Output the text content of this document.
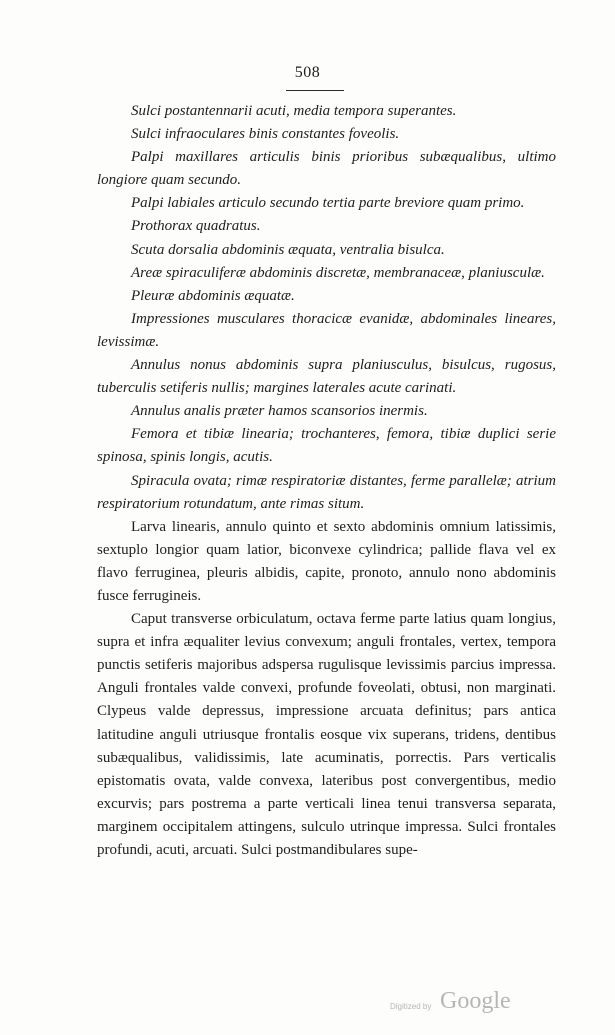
508

Sulci postantennarii acuti, media tempora superantes.

Sulci infraoculares binis constantes foveolis.

Palpi maxillares articulis binis prioribus subæqualibus, ultimo longiore quam secundo.

Palpi labiales articulo secundo tertia parte breviore quam primo.

Prothorax quadratus.

Scuta dorsalia abdominis æquata, ventralia bisulca.

Areæ spiraculiferæ abdominis discretæ, membranaceæ, planiusculæ.

Pleuræ abdominis æquatæ.

Impressiones musculares thoracicæ evanidæ, abdominales lineares, levissimæ.

Annulus nonus abdominis supra planiusculus, bisulcus, rugosus, tuberculis setiferis nullis; margines laterales acute carinati.

Annulus analis præter hamos scansorios inermis.

Femora et tibiæ linearia; trochanteres, femora, tibiæ duplici serie spinosa, spinis longis, acutis.

Spiracula ovata; rimæ respiratoriæ distantes, ferme parallelæ; atrium respiratorium rotundatum, ante rimas situm.

Larva linearis, annulo quinto et sexto abdominis omnium latissimis, sextuplo longior quam latior, biconvexe cylindrica; pallide flava vel ex flavo ferruginea, pleuris albidis, capite, pronoto, annulo nono abdominis fusce ferrugineis.

Caput transverse orbiculatum, octava ferme parte latius quam longius, supra et infra æqualiter levius convexum; anguli frontales, vertex, tempora punctis setiferis majoribus adspersa rugulisque levissimis parcius impressa. Anguli frontales valde convexi, profunde foveolati, obtusi, non marginati. Clypeus valde depressus, impressione arcuata definitus; pars antica latitudine anguli utriusque frontalis eosque vix superans, tridens, dentibus subæqualibus, validissimis, late acuminatis, porrectis. Pars verticalis epistomatis ovata, valde convexa, lateribus post convergentibus, medio excurvis; pars postrema a parte verticali linea tenui transversa separata, marginem occipitalem attingens, sulculo utrinque impressa. Sulci frontales profundi, acuti, arcuati. Sulci postmandibulares supe-

Digitized by Google
